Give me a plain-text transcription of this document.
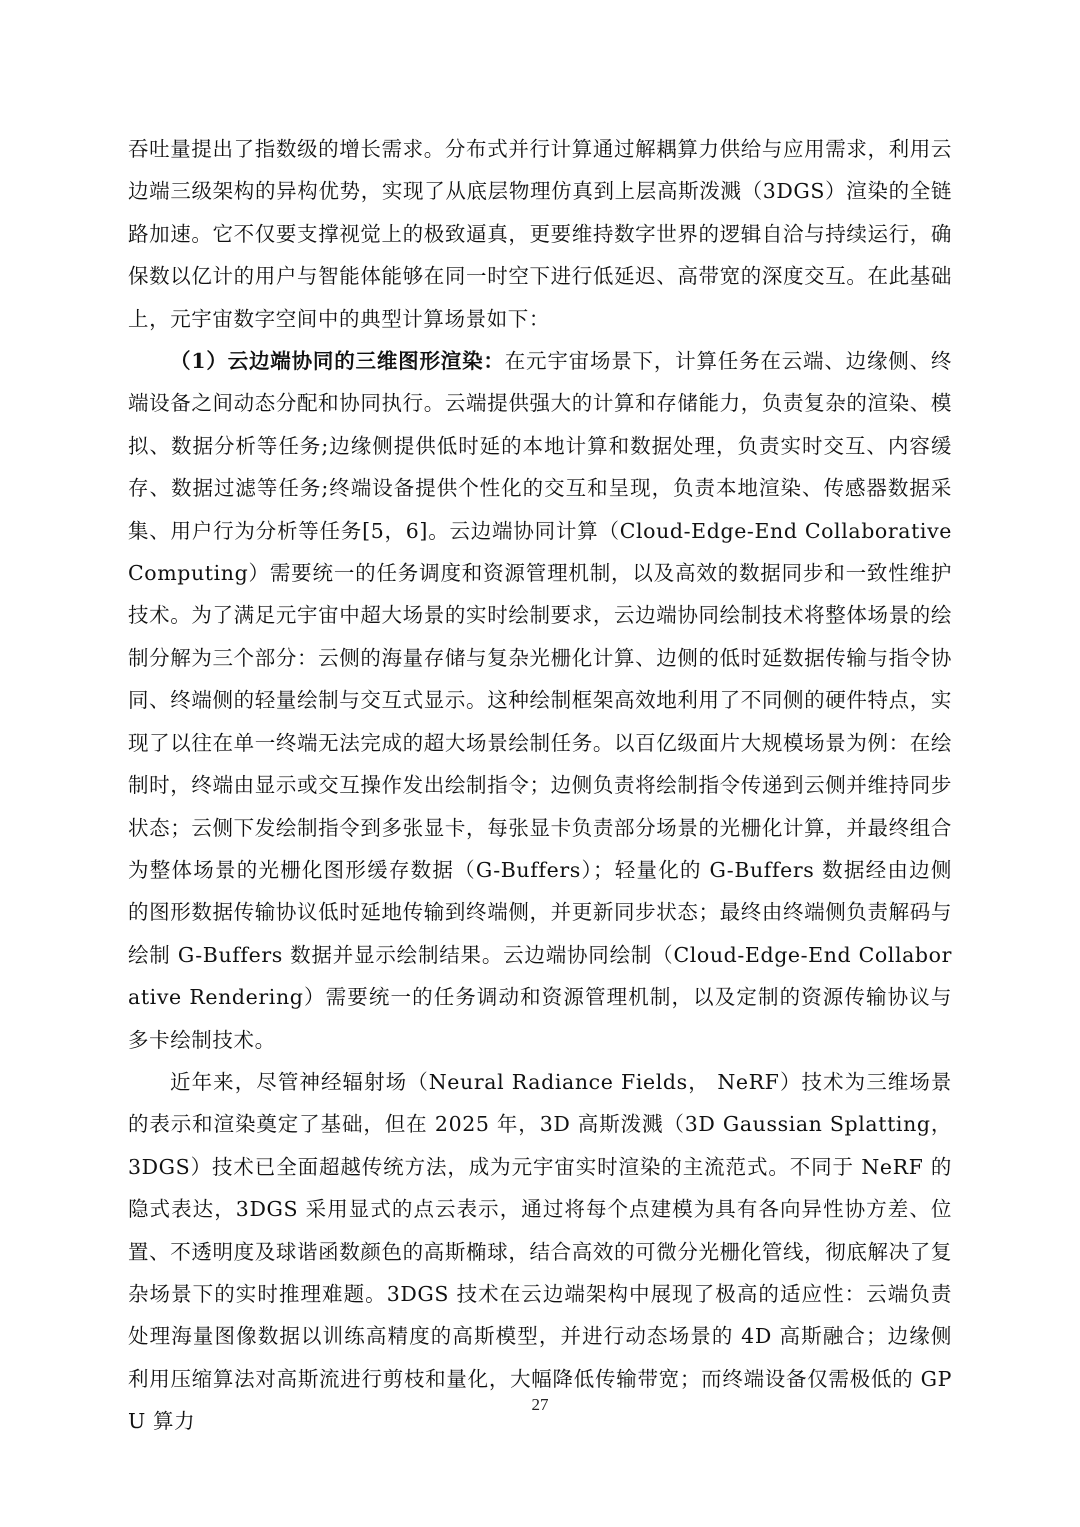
吞吐量提出了指数级的增长需求。分布式并行计算通过解耦算力供给与应用需求，利用云边端三级架构的异构优势，实现了从底层物理仿真到上层高斯泼溅（3DGS）渲染的全链路加速。它不仅要支撑视觉上的极致逼真，更要维持数字世界的逻辑自洽与持续运行，确保数以亿计的用户与智能体能够在同一时空下进行低延迟、高带宽的深度交互。在此基础上，元宇宙数字空间中的典型计算场景如下：

（1）云边端协同的三维图形渲染：在元宇宙场景下，计算任务在云端、边缘侧、终端设备之间动态分配和协同执行。云端提供强大的计算和存储能力，负责复杂的渲染、模拟、数据分析等任务;边缘侧提供低时延的本地计算和数据处理，负责实时交互、内容缓存、数据过滤等任务;终端设备提供个性化的交互和呈现，负责本地渲染、传感器数据采集、用户行为分析等任务[5，6]。云边端协同计算（Cloud-Edge-End Collaborative Computing）需要统一的任务调度和资源管理机制，以及高效的数据同步和一致性维护技术。为了满足元宇宙中超大场景的实时绘制要求，云边端协同绘制技术将整体场景的绘制分解为三个部分：云侧的海量存储与复杂光栅化计算、边侧的低时延数据传输与指令协同、终端侧的轻量绘制与交互式显示。这种绘制框架高效地利用了不同侧的硬件特点，实现了以往在单一终端无法完成的超大场景绘制任务。以百亿级面片大规模场景为例：在绘制时，终端由显示或交互操作发出绘制指令；边侧负责将绘制指令传递到云侧并维持同步状态；云侧下发绘制指令到多张显卡，每张显卡负责部分场景的光栅化计算，并最终组合为整体场景的光栅化图形缓存数据（G-Buffers）；轻量化的 G-Buffers 数据经由边侧的图形数据传输协议低时延地传输到终端侧，并更新同步状态；最终由终端侧负责解码与绘制 G-Buffers 数据并显示绘制结果。云边端协同绘制（Cloud-Edge-End Collaborative Rendering）需要统一的任务调动和资源管理机制，以及定制的资源传输协议与多卡绘制技术。

近年来，尽管神经辐射场（Neural Radiance Fields， NeRF）技术为三维场景的表示和渲染奠定了基础，但在 2025 年，3D 高斯泼溅（3D Gaussian Splatting， 3DGS）技术已全面超越传统方法，成为元宇宙实时渲染的主流范式。不同于 NeRF 的隐式表达，3DGS 采用显式的点云表示，通过将每个点建模为具有各向异性协方差、位置、不透明度及球谐函数颜色的高斯椭球，结合高效的可微分光栅化管线，彻底解决了复杂场景下的实时推理难题。3DGS 技术在云边端架构中展现了极高的适应性：云端负责处理海量图像数据以训练高精度的高斯模型，并进行动态场景的 4D 高斯融合；边缘侧利用压缩算法对高斯流进行剪枝和量化，大幅降低传输带宽；而终端设备仅需极低的 GPU 算力

27
